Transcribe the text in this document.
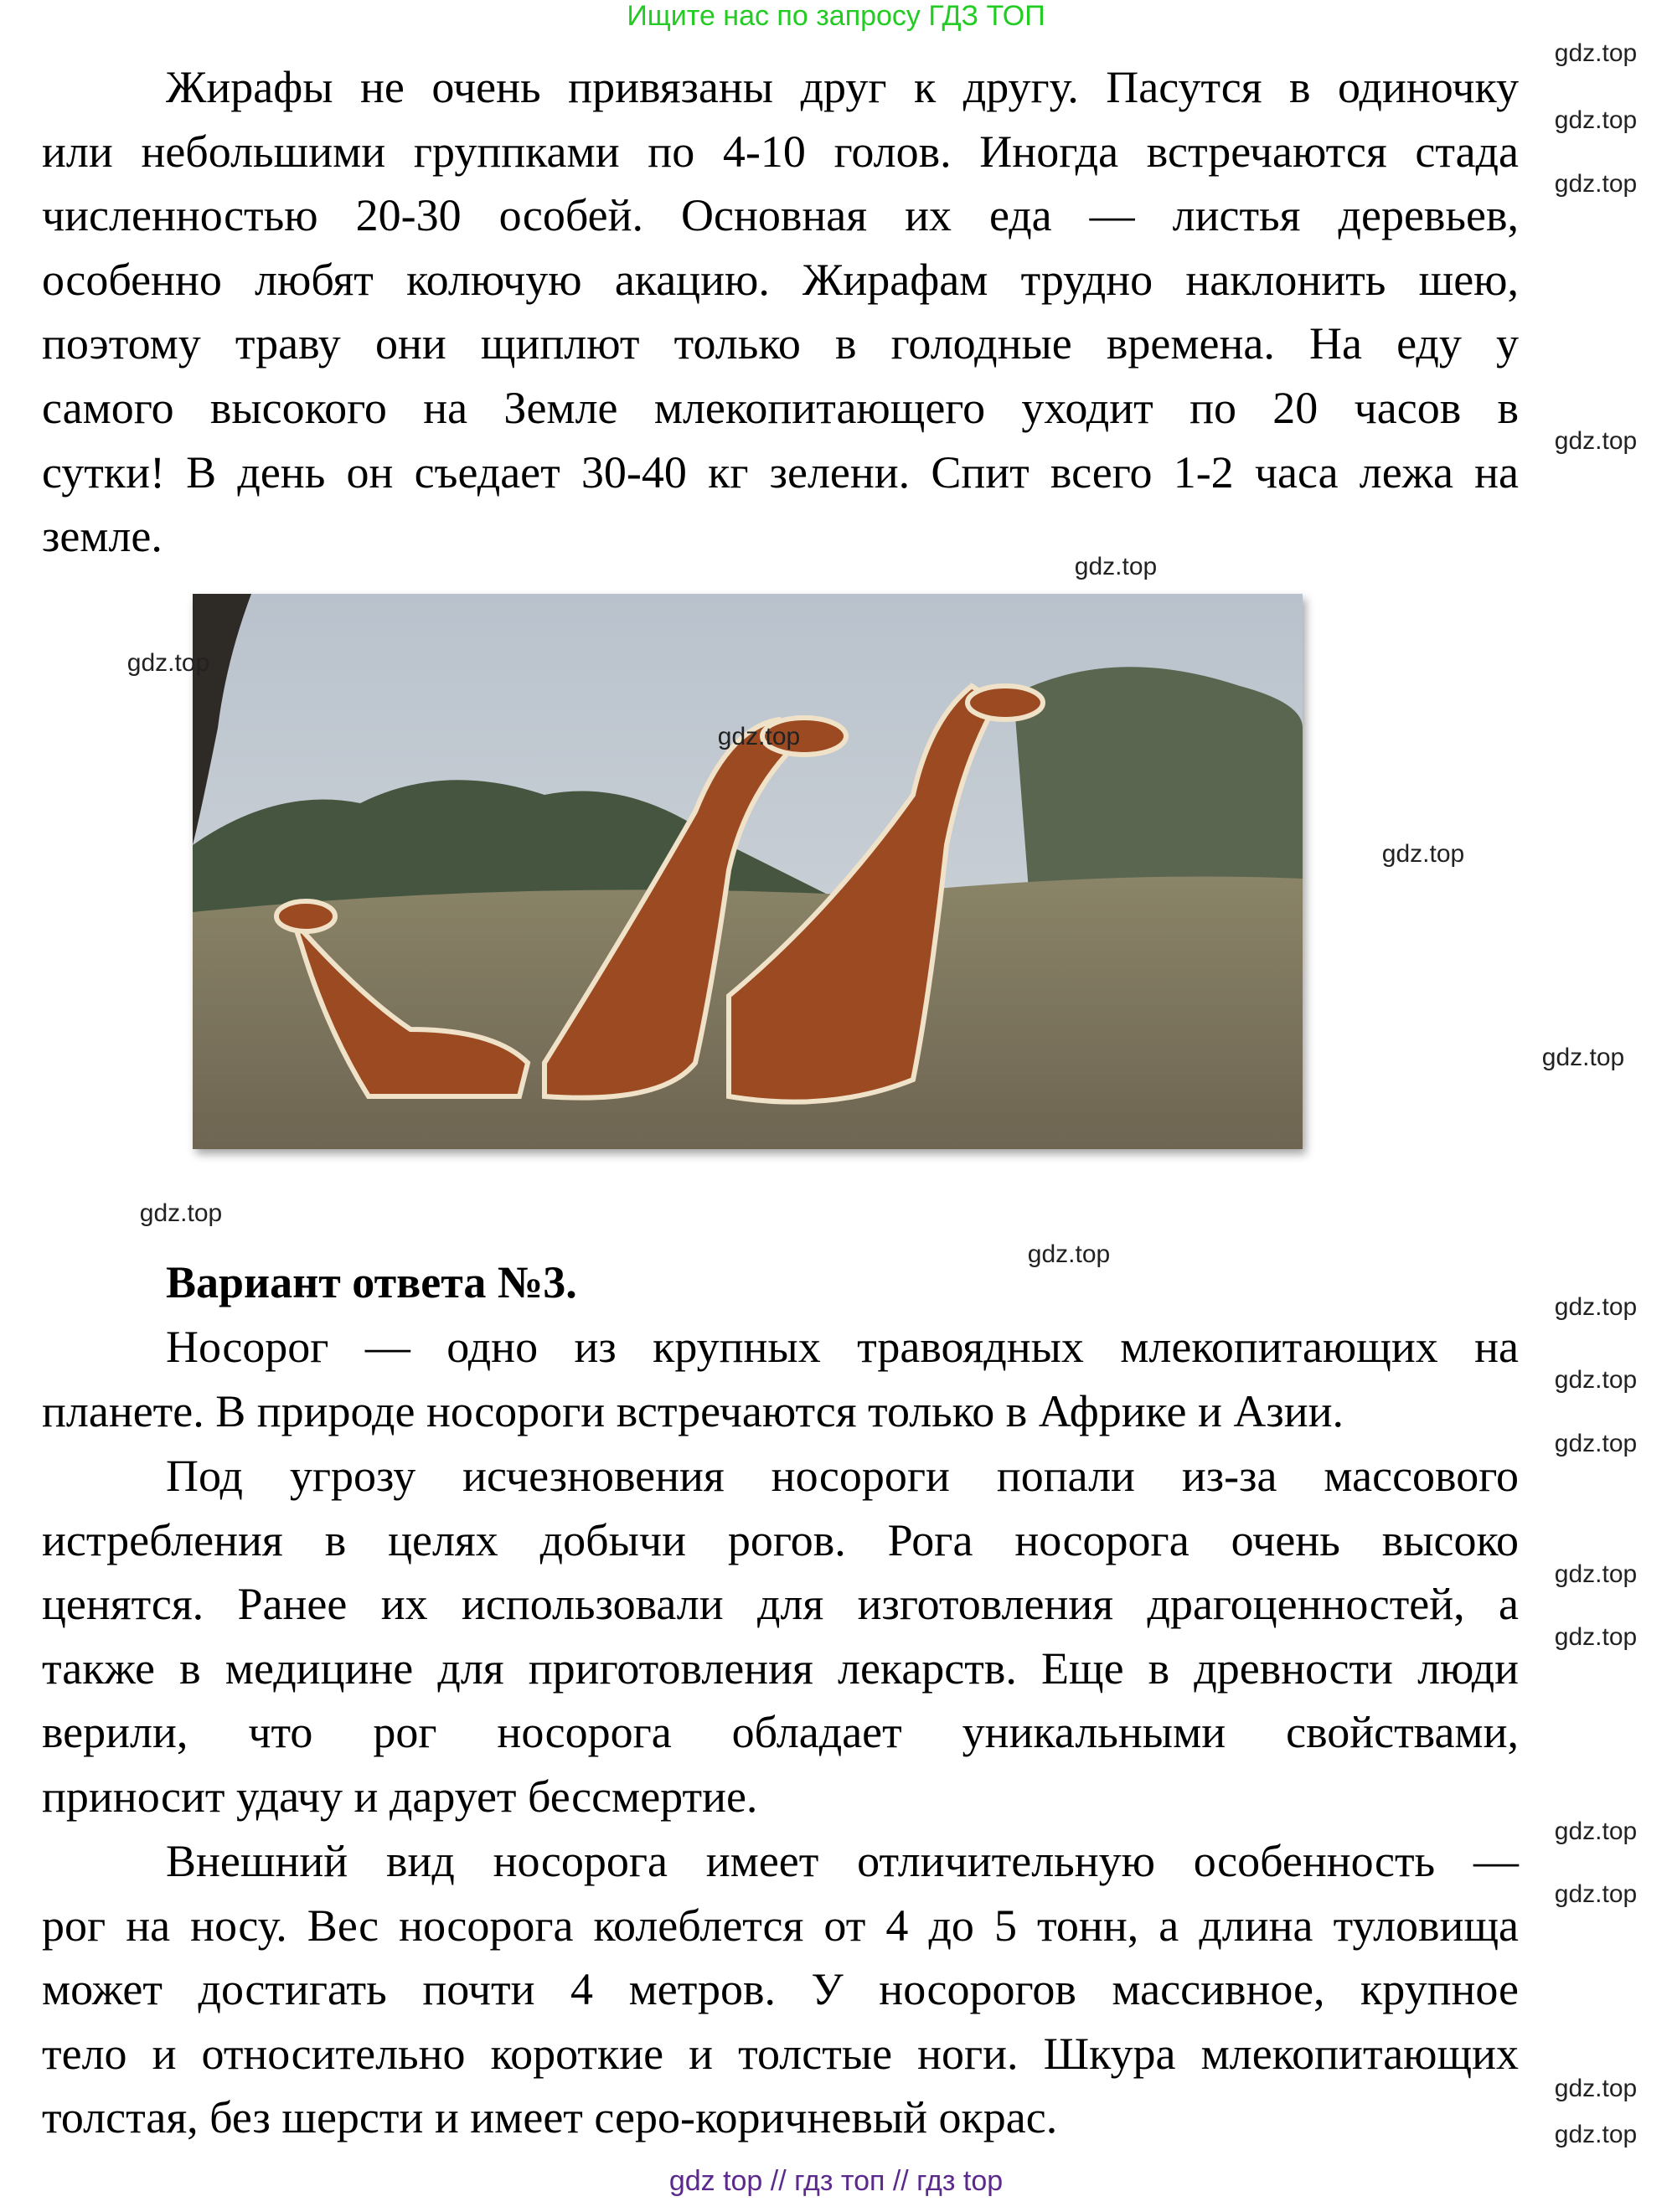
Ищите нас по запросу ГДЗ ТОП
Жирафы не очень привязаны друг к другу. Пасутся в одиночку
или небольшими группками по 4-10 голов. Иногда встречаются стада
численностью 20-30 особей. Основная их еда — листья деревьев,
особенно любят колючую акацию. Жирафам трудно наклонить шею,
поэтому траву они щиплют только в голодные времена. На еду у
самого высокого на Земле млекопитающего уходит по 20 часов в
сутки! В день он съедает 30-40 кг зелени. Спит всего 1-2 часа лежа на
земле.
Носорог — одно из крупных травоядных млекопитающих на
планете. В природе носороги встречаются только в Африке и Азии.
Под угрозу исчезновения носороги попали из-за массового
истребления в целях добычи рогов. Рога носорога очень высоко
ценятся. Ранее их использовали для изготовления драгоценностей, а
также в медицине для приготовления лекарств. Еще в древности люди
верили, что рог носорога обладает уникальными свойствами,
приносит удачу и дарует бессмертие.
Внешний вид носорога имеет отличительную особенность —
рог на носу. Вес носорога колеблется от 4 до 5 тонн, а длина туловища
может достигать почти 4 метров. У носорогов массивное, крупное
тело и относительно короткие и толстые ноги. Шкура млекопитающих
толстая, без шерсти и имеет серо-коричневый окрас.
Вариант ответа №3.
gdz.top
gdz.top
gdz.top
gdz.top
gdz.top
gdz.top
gdz.top
gdz.top
gdz.top
gdz.top
gdz.top
gdz.top
gdz.top
gdz.top
gdz.top
gdz.top
gdz.top
gdz.top
gdz.top
gdz.top
gdz top // гдз топ // гдз top
